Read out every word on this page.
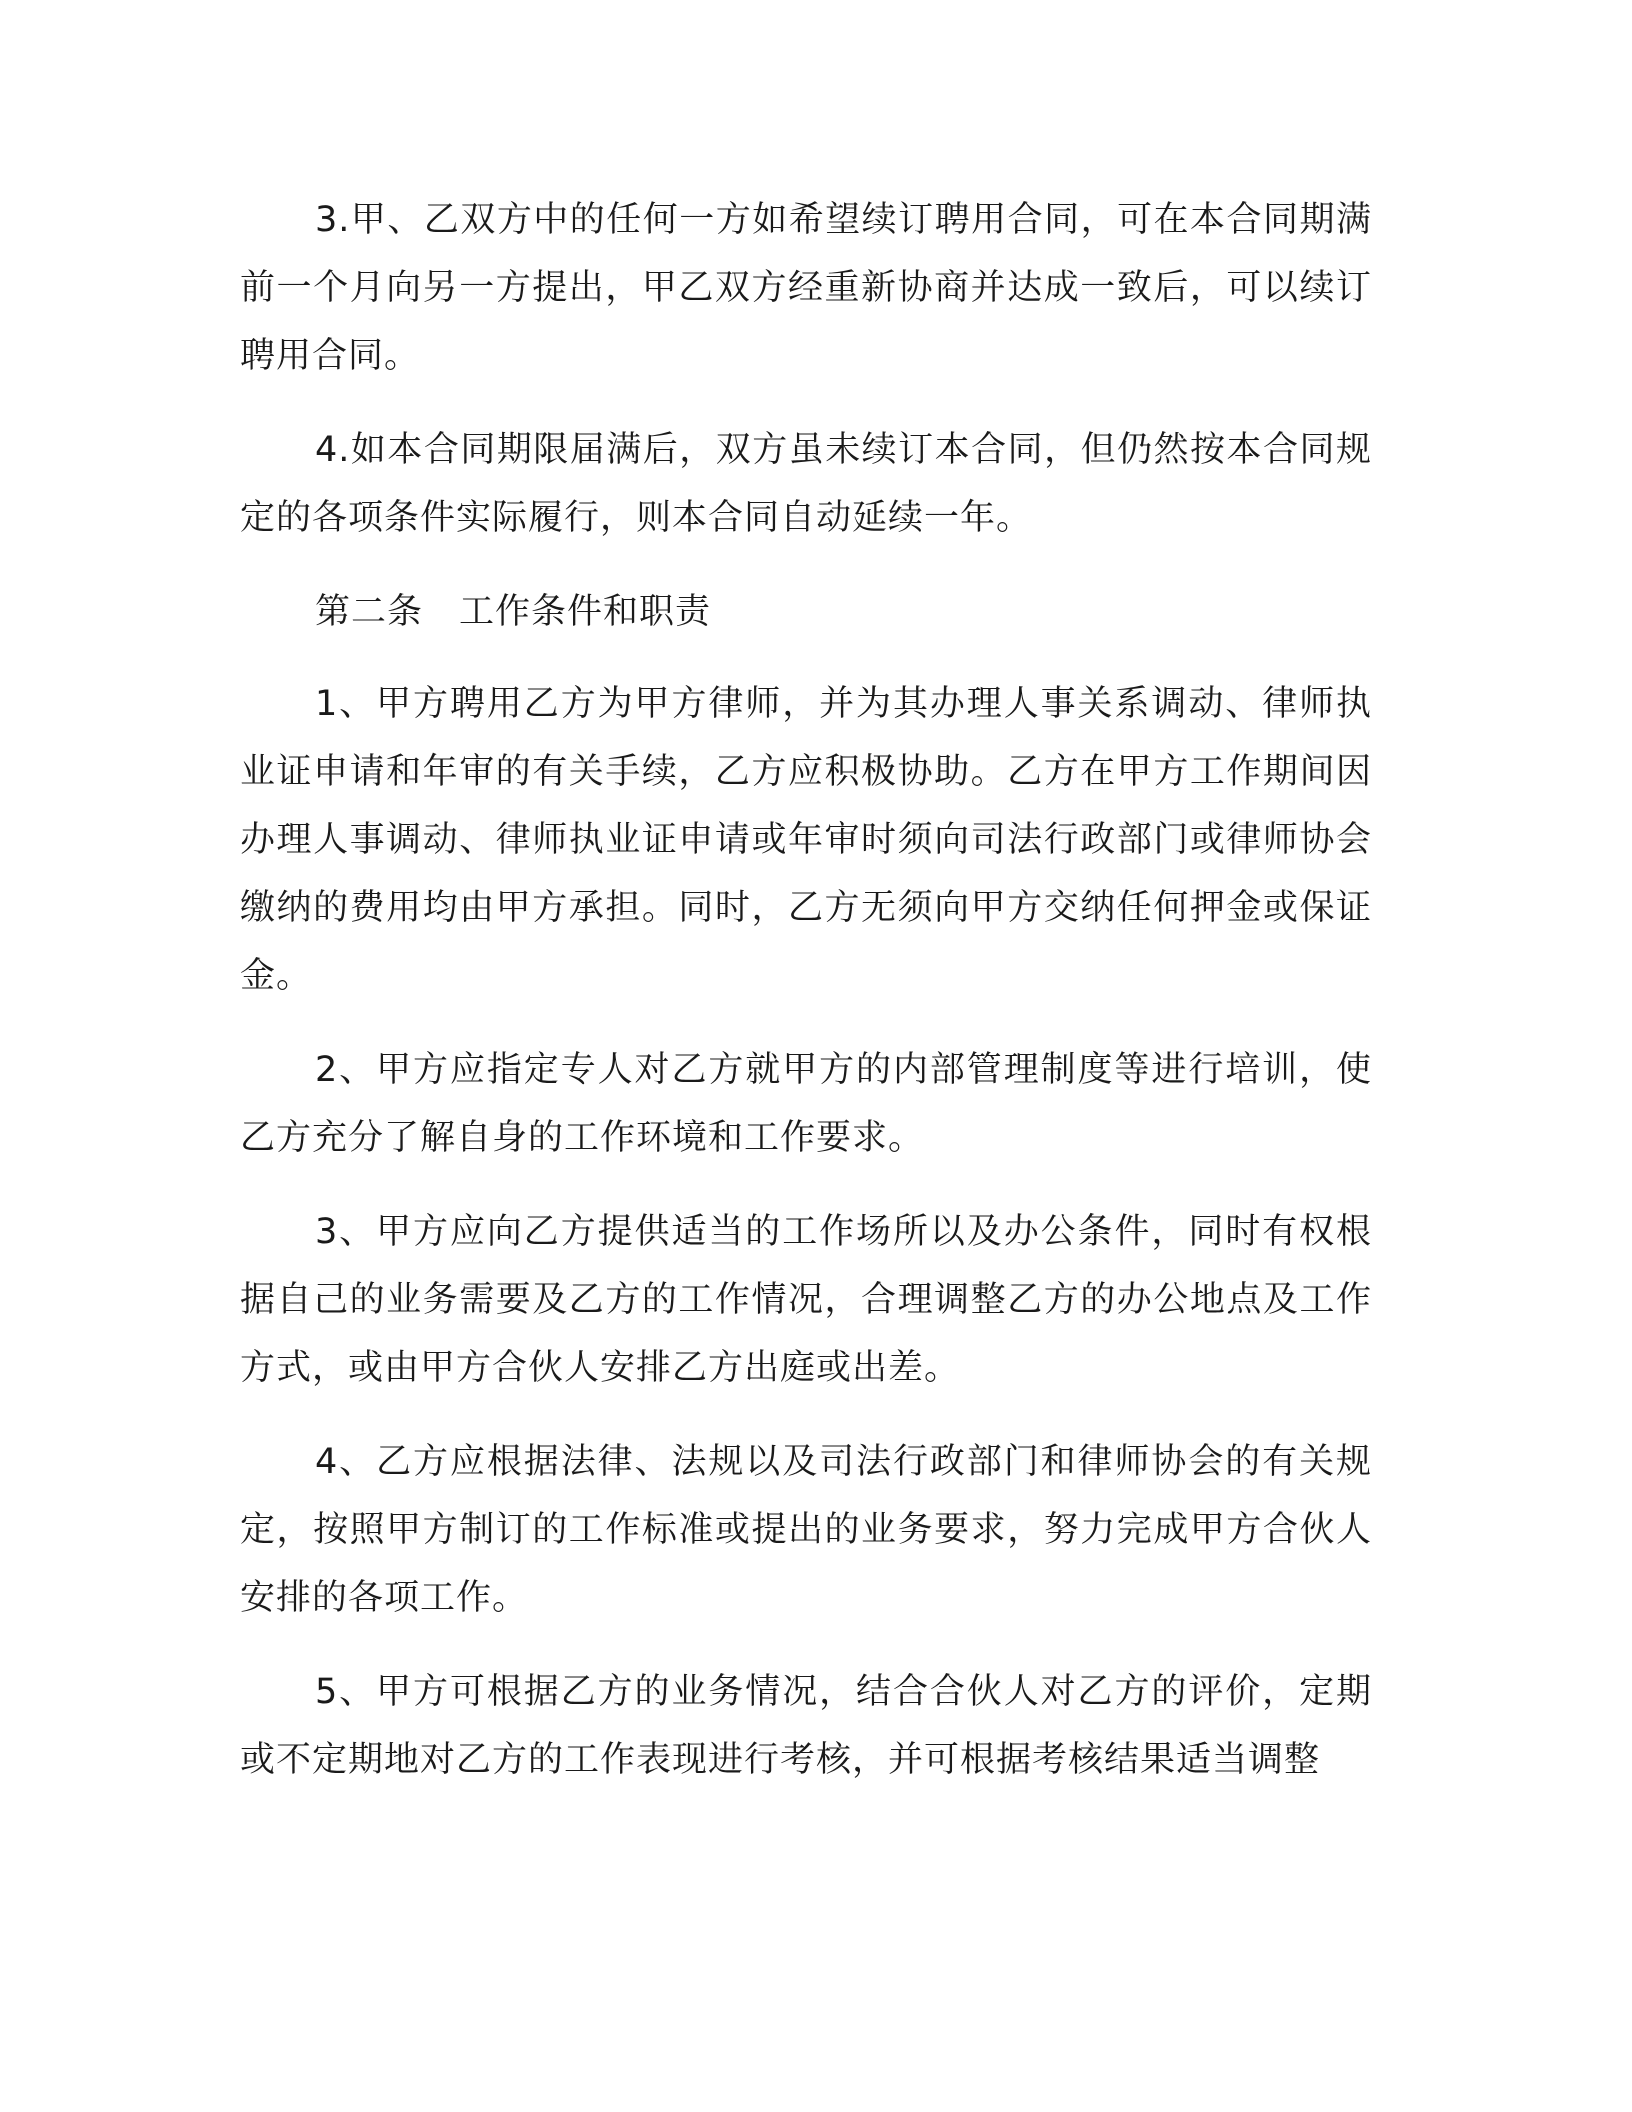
3.甲、乙双方中的任何一方如希望续订聘用合同，可在本合同期满前一个月向另一方提出，甲乙双方经重新协商并达成一致后，可以续订聘用合同。

4.如本合同期限届满后，双方虽未续订本合同，但仍然按本合同规定的各项条件实际履行，则本合同自动延续一年。

第二条　工作条件和职责

1、甲方聘用乙方为甲方律师，并为其办理人事关系调动、律师执业证申请和年审的有关手续，乙方应积极协助。乙方在甲方工作期间因办理人事调动、律师执业证申请或年审时须向司法行政部门或律师协会缴纳的费用均由甲方承担。同时，乙方无须向甲方交纳任何押金或保证金。

2、甲方应指定专人对乙方就甲方的内部管理制度等进行培训，使乙方充分了解自身的工作环境和工作要求。

3、甲方应向乙方提供适当的工作场所以及办公条件，同时有权根据自己的业务需要及乙方的工作情况，合理调整乙方的办公地点及工作方式，或由甲方合伙人安排乙方出庭或出差。

4、乙方应根据法律、法规以及司法行政部门和律师协会的有关规定，按照甲方制订的工作标准或提出的业务要求，努力完成甲方合伙人安排的各项工作。

5、甲方可根据乙方的业务情况，结合合伙人对乙方的评价，定期或不定期地对乙方的工作表现进行考核，并可根据考核结果适当调整
